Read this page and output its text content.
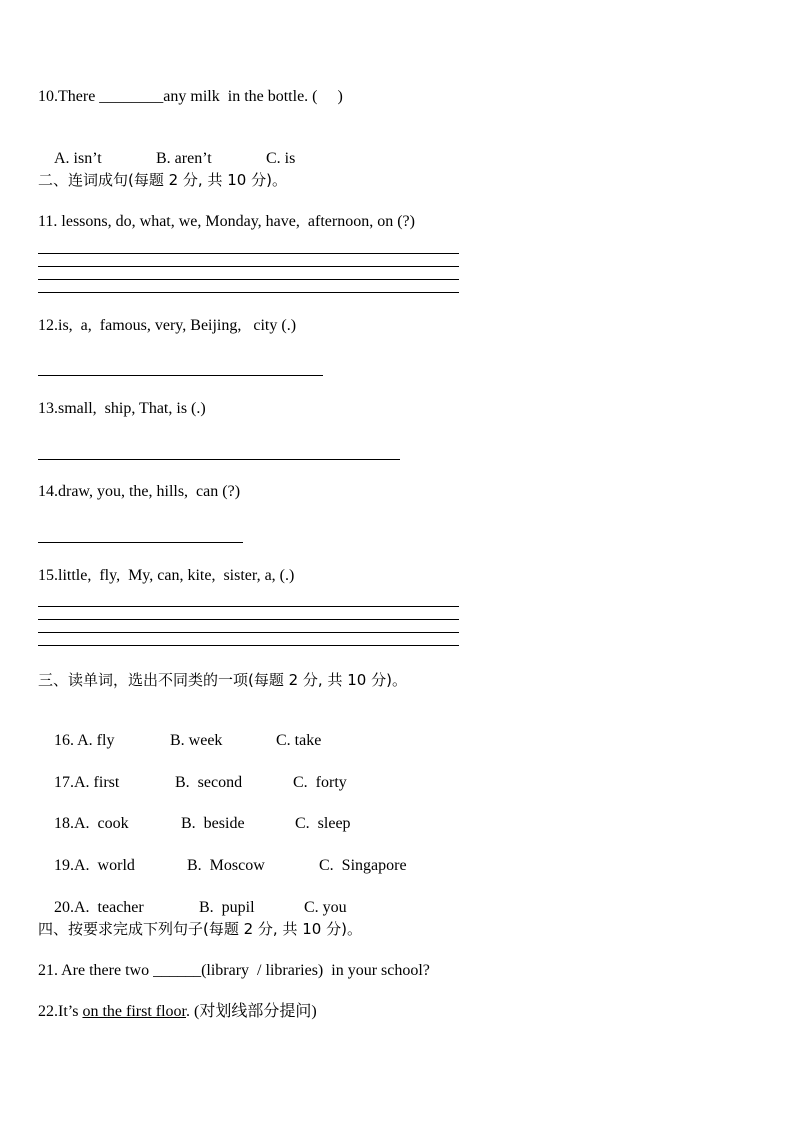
10.There ________any milk  in the bottle. (     )

A. isn’t	B. aren’t	C. is

二、连词成句(每题 2 分, 共 10 分)。
11. lessons, do, what, we, Monday, have,  afternoon, on (?)
12.is,  a,  famous, very, Beijing,   city (.)
13.small,  ship, That, is (.)
14.draw, you, the, hills,  can (?)
15.little,  fly,  My, can, kite,  sister, a, (.)
三、读单词，选出不同类的一项(每题 2 分, 共 10 分)。

16. A. fly	B. week	C. take

17.A. first	B.  second	C.  forty

18.A.  cook	B.  beside	C.  sleep

19.A.  world	B.  Moscow	C.  Singapore

20.A.  teacher	B.  pupil	C. you

四、按要求完成下列句子(每题 2 分, 共 10 分)。
21. Are there two ______(library  / libraries)  in your school?
22.It’s on the first floor. (对划线部分提问)
